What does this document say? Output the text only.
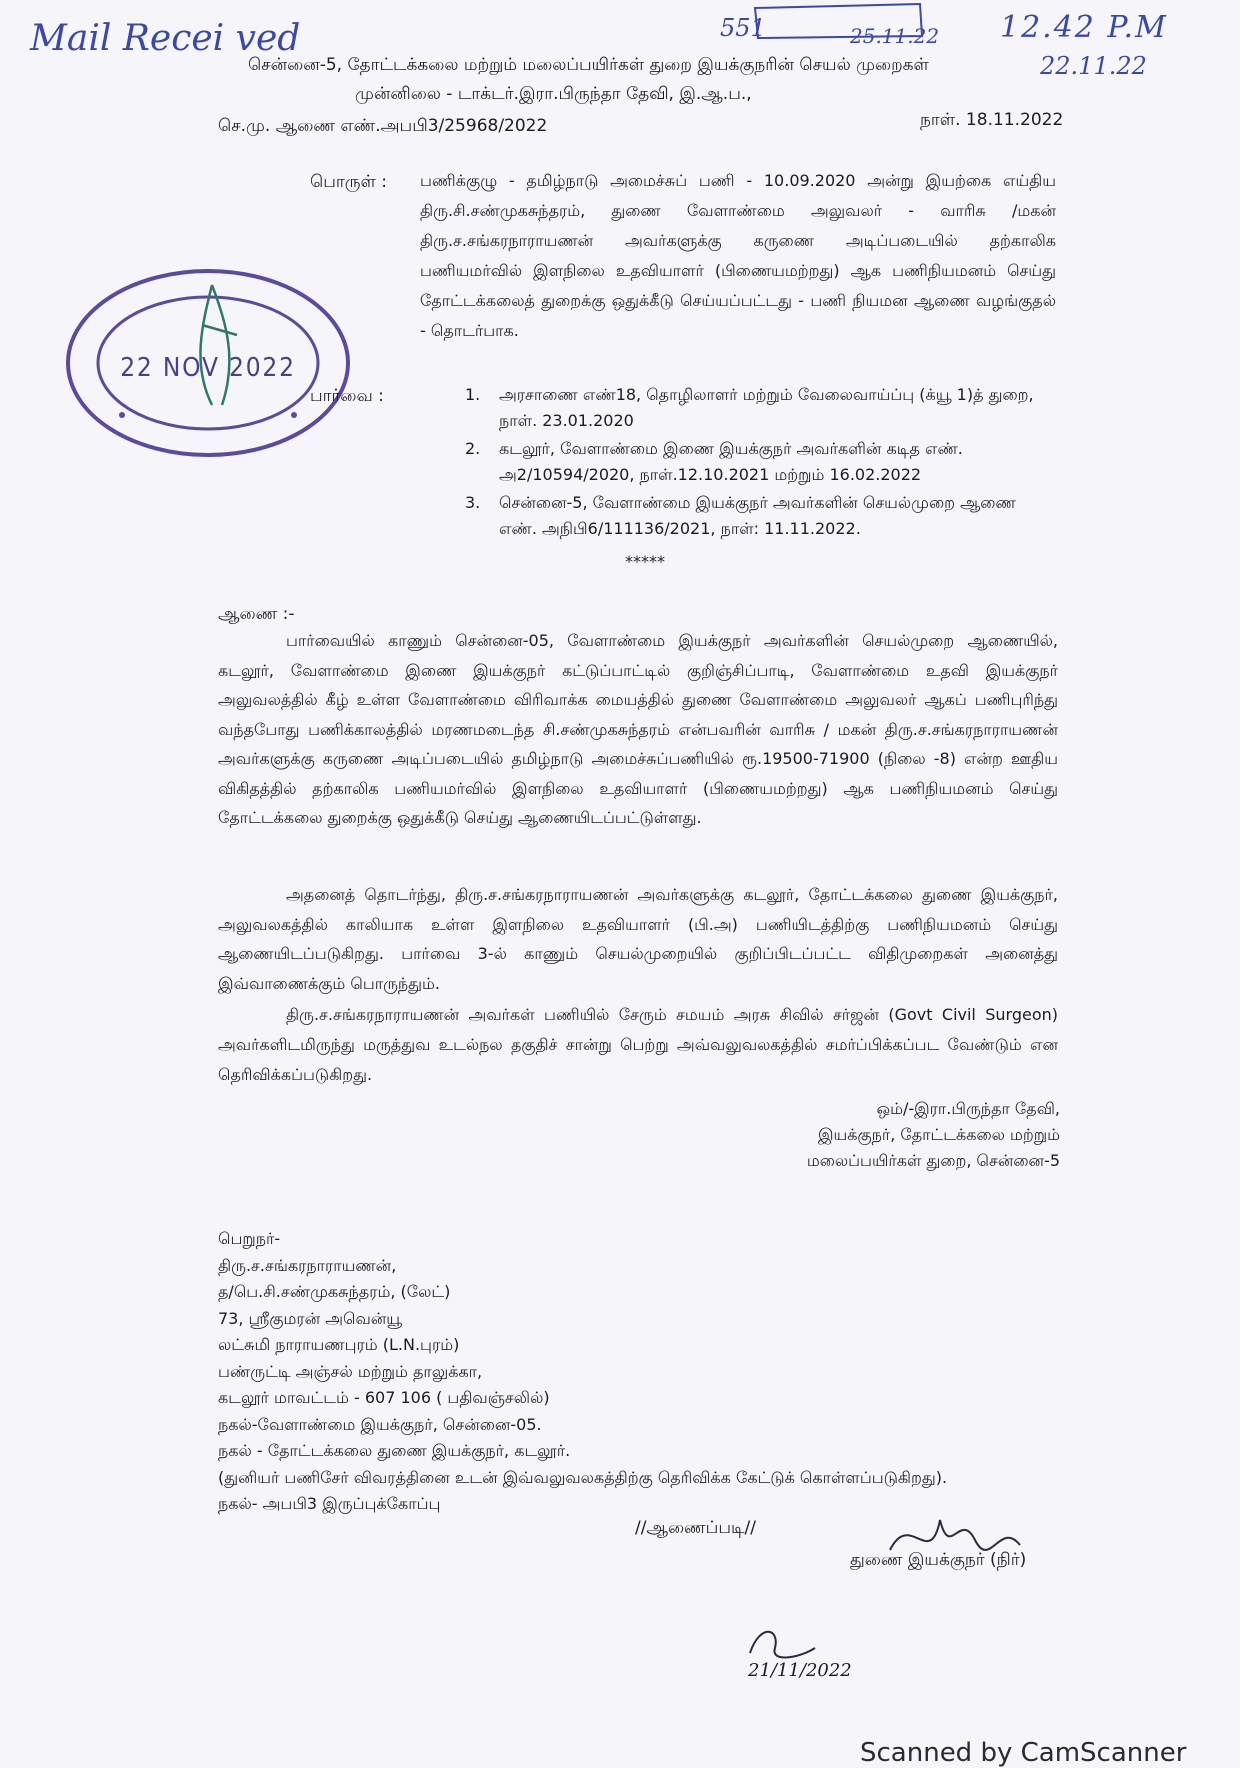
Mail Recei ved	551	25.11.22 12.42 P.M
22.11.22
சென்னை-5, தோட்டக்கலை மற்றும் மலைப்பயிர்கள் துறை இயக்குநரின் செயல் முறைகள்
முன்னிலை - டாக்டர்.இரா.பிருந்தா தேவி, இ.ஆ.ப.,
செ.மு. ஆணை எண்.அபபி3/25968/2022	நாள். 18.11.2022
பொருள் : பணிக்குழு - தமிழ்நாடு அமைச்சுப் பணி - 10.09.2020 அன்று இயற்கை எய்திய திரு.சி.சண்முகசுந்தரம், துணை வேளாண்மை அலுவலர் - வாரிசு /மகன் திரு.ச.சங்கரநாராயணன் அவர்களுக்கு கருணை அடிப்படையில் தற்காலிக பணியமர்வில் இளநிலை உதவியாளர் (பிணையமற்றது) ஆக பணிநியமனம் செய்து தோட்டக்கலைத் துறைக்கு ஒதுக்கீடு செய்யப்பட்டது - பணி நியமன ஆணை வழங்குதல் - தொடர்பாக.
22 NOV 2022
பார்வை :	1.	அரசாணை எண்18, தொழிலாளர் மற்றும் வேலைவாய்ப்பு (க்யூ 1)த் துறை, நாள். 23.01.2020
2.	கடலூர், வேளாண்மை இணை இயக்குநர் அவர்களின் கடித எண். அ2/10594/2020, நாள்.12.10.2021 மற்றும் 16.02.2022
3.	சென்னை-5, வேளாண்மை இயக்குநர் அவர்களின் செயல்முறை ஆணை எண். அநிபி6/111136/2021, நாள்: 11.11.2022.
*****
ஆணை :-
பார்வையில் காணும் சென்னை-05, வேளாண்மை இயக்குநர் அவர்களின் செயல்முறை ஆணையில், கடலூர், வேளாண்மை இணை இயக்குநர் கட்டுப்பாட்டில் குறிஞ்சிப்பாடி, வேளாண்மை உதவி இயக்குநர் அலுவலத்தில் கீழ் உள்ள வேளாண்மை விரிவாக்க மையத்தில் துணை வேளாண்மை அலுவலர் ஆகப் பணிபுரிந்து வந்தபோது பணிக்காலத்தில் மரணமடைந்த சி.சண்முகசுந்தரம் என்பவரின் வாரிசு / மகன் திரு.ச.சங்கரநாராயணன் அவர்களுக்கு கருணை அடிப்படையில் தமிழ்நாடு அமைச்சுப்பணியில் ரூ.19500-71900 (நிலை -8) என்ற ஊதிய விகிதத்தில் தற்காலிக பணியமர்வில் இளநிலை உதவியாளர் (பிணையமற்றது) ஆக பணிநியமனம் செய்து தோட்டக்கலை துறைக்கு ஒதுக்கீடு செய்து ஆணையிடப்பட்டுள்ளது.
அதனைத் தொடர்ந்து, திரு.ச.சங்கரநாராயணன் அவர்களுக்கு கடலூர், தோட்டக்கலை துணை இயக்குநர், அலுவலகத்தில் காலியாக உள்ள இளநிலை உதவியாளர் (பி.அ) பணியிடத்திற்கு பணிநியமனம் செய்து ஆணையிடப்படுகிறது. பார்வை 3-ல் காணும் செயல்முறையில் குறிப்பிடப்பட்ட விதிமுறைகள் அனைத்து இவ்வாணைக்கும் பொருந்தும்.
திரு.ச.சங்கரநாராயணன் அவர்கள் பணியில் சேரும் சமயம் அரசு சிவில் சர்ஜன் (Govt Civil Surgeon) அவர்களிடமிருந்து மருத்துவ உடல்நல தகுதிச் சான்று பெற்று அவ்வலுவலகத்தில் சமர்ப்பிக்கப்பட வேண்டும் என தெரிவிக்கப்படுகிறது.
ஒம்/-இரா.பிருந்தா தேவி,
இயக்குநர், தோட்டக்கலை மற்றும்
மலைப்பயிர்கள் துறை, சென்னை-5
பெறுநர்-
திரு.ச.சங்கரநாராயணன்,
த/பெ.சி.சண்முகசுந்தரம், (லேட்)
73, ஸ்ரீகுமரன் அவென்யூ
லட்சுமி நாராயணபுரம் (L.N.புரம்)
பண்ருட்டி அஞ்சல் மற்றும் தாலுக்கா,
கடலூர் மாவட்டம் - 607 106 ( பதிவஞ்சலில்)
நகல்-வேளாண்மை இயக்குநர், சென்னை-05.
நகல் - தோட்டக்கலை துணை இயக்குநர், கடலூர்.
(துனியர் பணிசேர் விவரத்தினை உடன் இவ்வலுவலகத்திற்கு தெரிவிக்க கேட்டுக் கொள்ளப்படுகிறது).
நகல்- அபபி3 இருப்புக்கோப்பு
//ஆணைப்படி//
துணை இயக்குநர் (நிர்)
21/11/2022
Scanned by CamScanner
